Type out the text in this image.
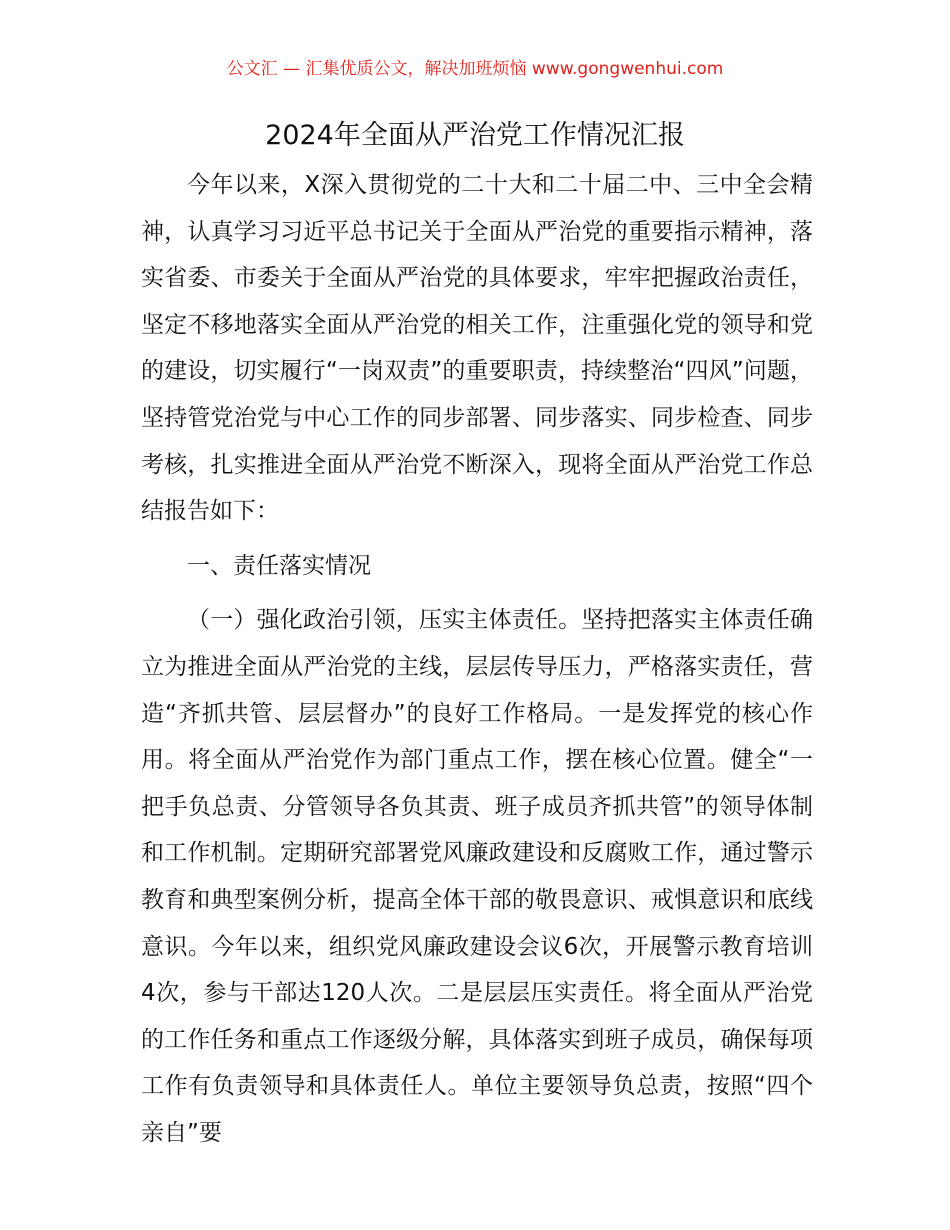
公文汇 — 汇集优质公文，解决加班烦恼 www.gongwenhui.com
2024年全面从严治党工作情况汇报

今年以来，X深入贯彻党的二十大和二十届二中、三中全会精神，认真学习习近平总书记关于全面从严治党的重要指示精神，落实省委、市委关于全面从严治党的具体要求，牢牢把握政治责任，坚定不移地落实全面从严治党的相关工作，注重强化党的领导和党的建设，切实履行“一岗双责”的重要职责，持续整治“四风”问题，坚持管党治党与中心工作的同步部署、同步落实、同步检查、同步考核，扎实推进全面从严治党不断深入，现将全面从严治党工作总结报告如下：

一、责任落实情况

（一）强化政治引领，压实主体责任。坚持把落实主体责任确立为推进全面从严治党的主线，层层传导压力，严格落实责任，营造“齐抓共管、层层督办”的良好工作格局。一是发挥党的核心作用。将全面从严治党作为部门重点工作，摆在核心位置。健全“一把手负总责、分管领导各负其责、班子成员齐抓共管”的领导体制和工作机制。定期研究部署党风廉政建设和反腐败工作，通过警示教育和典型案例分析，提高全体干部的敬畏意识、戒惧意识和底线意识。今年以来，组织党风廉政建设会议6次，开展警示教育培训4次，参与干部达120人次。二是层层压实责任。将全面从严治党的工作任务和重点工作逐级分解，具体落实到班子成员，确保每项工作有负责领导和具体责任人。单位主要领导负总责，按照“四个亲自”要
